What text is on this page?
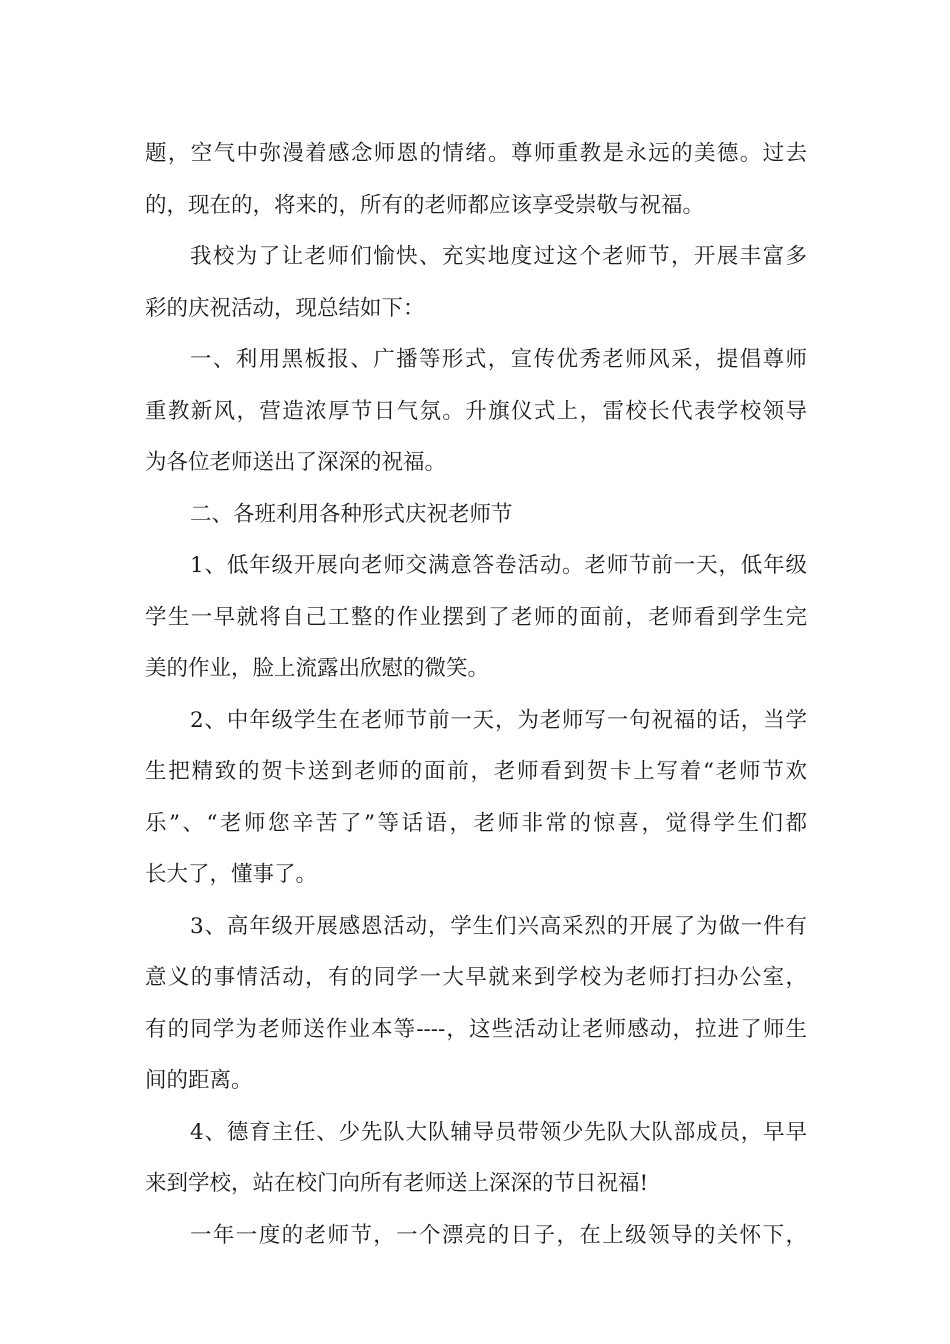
题，空气中弥漫着感念师恩的情绪。尊师重教是永远的美德。过去
的，现在的，将来的，所有的老师都应该享受崇敬与祝福。
我校为了让老师们愉快、充实地度过这个老师节，开展丰富多
彩的庆祝活动，现总结如下：
一、利用黑板报、广播等形式，宣传优秀老师风采，提倡尊师
重教新风，营造浓厚节日气氛。升旗仪式上，雷校长代表学校领导
为各位老师送出了深深的祝福。
二、各班利用各种形式庆祝老师节
1、低年级开展向老师交满意答卷活动。老师节前一天，低年级
学生一早就将自己工整的作业摆到了老师的面前，老师看到学生完
美的作业，脸上流露出欣慰的微笑。
2、中年级学生在老师节前一天，为老师写一句祝福的话，当学
生把精致的贺卡送到老师的面前，老师看到贺卡上写着“老师节欢
乐”、“老师您辛苦了”等话语，老师非常的惊喜，觉得学生们都
长大了，懂事了。
3、高年级开展感恩活动，学生们兴高采烈的开展了为做一件有
意义的事情活动，有的同学一大早就来到学校为老师打扫办公室，
有的同学为老师送作业本等----，这些活动让老师感动，拉进了师生
间的距离。
4、德育主任、少先队大队辅导员带领少先队大队部成员，早早
来到学校，站在校门向所有老师送上深深的节日祝福!
一年一度的老师节，一个漂亮的日子，在上级领导的关怀下，
